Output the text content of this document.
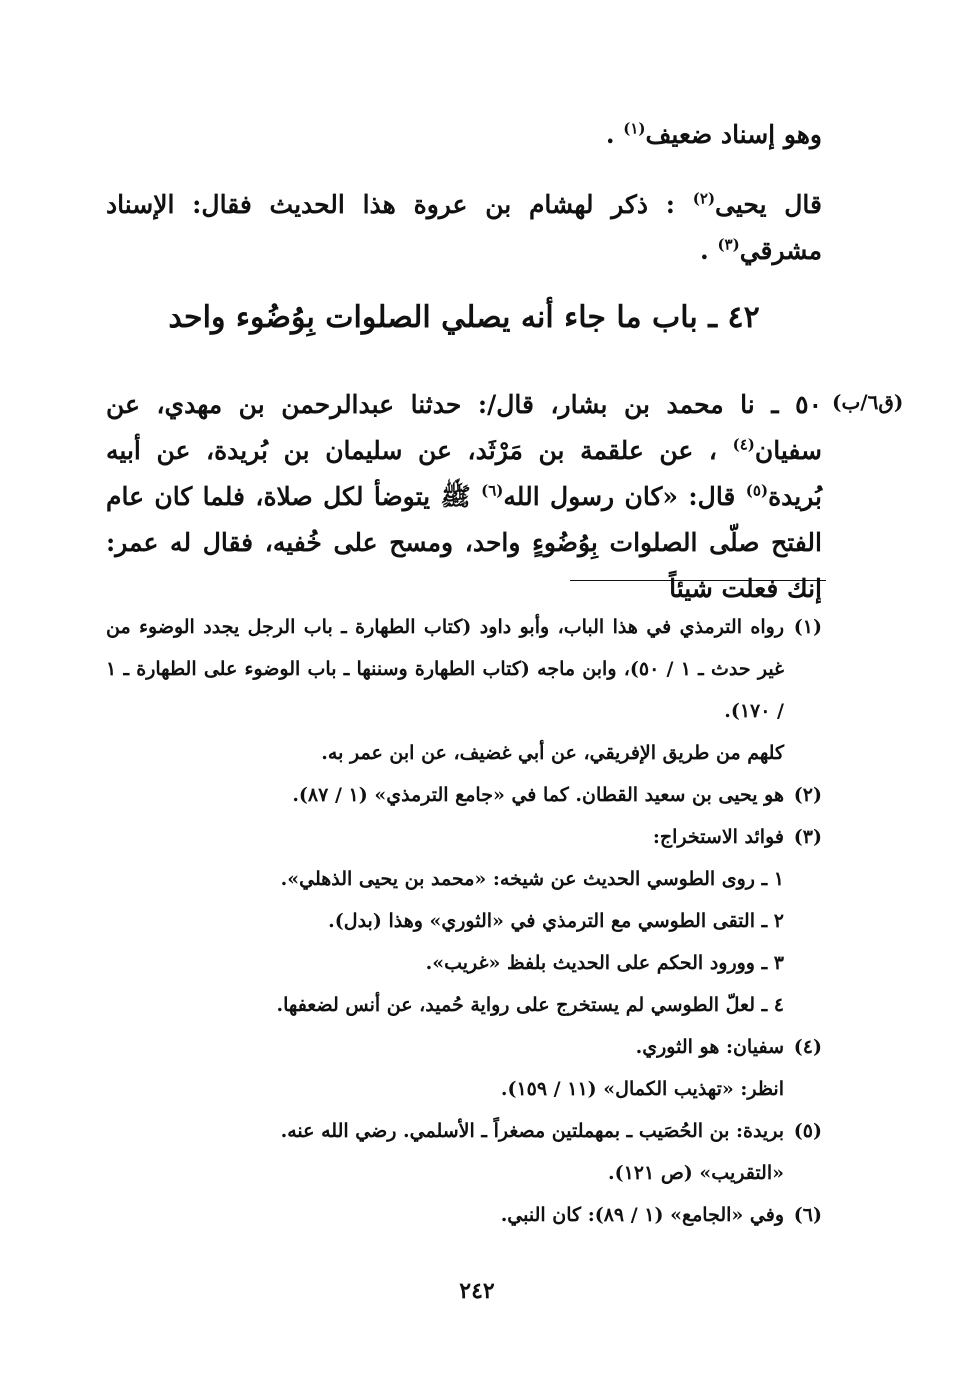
وهو إسناد ضعيف$^{(١)}$ .
قال يحيى$^{(٢)}$ : ذكر لهشام بن عروة هذا الحديث فقال: الإسناد مشرقي$^{(٣)}$ .
٤٢ ـ باب ما جاء أنه يصلي الصلوات بِوُضُوء واحد
(ق٦/ب)
٥٠ ـ نا محمد بن بشار، قال/: حدثنا عبدالرحمن بن مهدي، عن سفيان$^{(٤)}$ ، عن علقمة بن مَرْثَد، عن سليمان بن بُريدة، عن أبيه بُريدة$^{(٥)}$ قال: «كان رسول الله$^{(٦)}$ ﷺ يتوضأ لكل صلاة، فلما كان عام الفتح صلّى الصلوات بِوُضُوءٍ واحد، ومسح على خُفيه، فقال له عمر: إنك فعلت شيئاً
(١)
رواه الترمذي في هذا الباب، وأبو داود (كتاب الطهارة ـ باب الرجل يجدد الوضوء من غير حدث ـ ١ / ٥٠)، وابن ماجه (كتاب الطهارة وسننها ـ باب الوضوء على الطهارة ـ ١ / ١٧٠).
كلهم من طريق الإفريقي، عن أبي غضيف، عن ابن عمر به.
(٢)
هو يحيى بن سعيد القطان. كما في «جامع الترمذي» (١ / ٨٧).
(٣)
فوائد الاستخراج:
١ ـ روى الطوسي الحديث عن شيخه: «محمد بن يحيى الذهلي».
٢ ـ التقى الطوسي مع الترمذي في «الثوري» وهذا (بدل).
٣ ـ وورود الحكم على الحديث بلفظ «غريب».
٤ ـ لعلّ الطوسي لم يستخرج على رواية حُميد، عن أنس لضعفها.
(٤)
سفيان: هو الثوري.
انظر: «تهذيب الكمال» (١١ / ١٥٩).
(٥)
بريدة: بن الحُصَيب ـ بمهملتين مصغراً ـ الأسلمي. رضي الله عنه.
«التقريب» (ص ١٢١).
(٦)
وفي «الجامع» (١ / ٨٩): كان النبي.
٢٤٢
